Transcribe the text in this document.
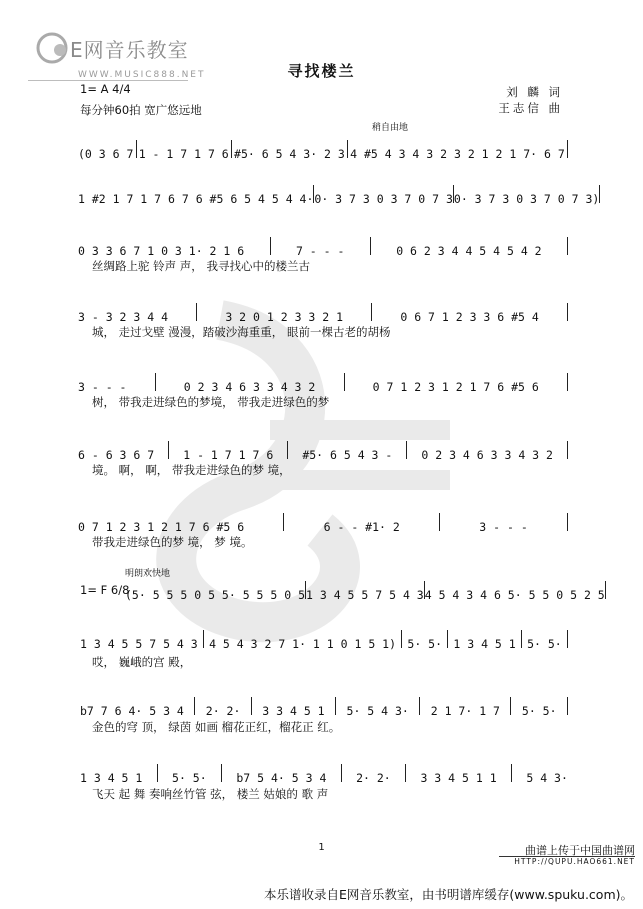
E网音乐教室
WWW.MUSIC888.NET	寻找楼兰
1= A 4/4
每分钟60拍 宽广悠远地
刘 麟 词
王志信 曲
稍自由地
(0 3 6 7 1 - 1 7 1 7 6 #5· 6 5 4 3· 2 3 4 #5 4 3 4 3 2 3 2 1 2 1 7· 6 7
1 #2 1 7 1 7 6 7 6 #5 6 5 4 5 4 4· 0· 3 7 3 0 3 7 0 7 3 0· 3 7 3 0 3 7 0 7 3)
0 3 3 6 7 1 0 3 1· 2 1 6	7 - - -	0 6 2 3 4 4 5 4 5 4 2
丝绸路上驼 铃声 声， 我寻找心中的楼兰古
3 - 3 2 3 4 4	3 2 0 1 2 3 3 2 1	0 6 7 1 2 3 3 6 #5 4
城， 走过戈壁 漫漫，踏破沙海重重， 眼前一棵古老的胡杨
3 - - -	0 2 3 4 6 3 3 4 3 2	0 7 1 2 3 1 2 1 7 6 #5 6
树， 带我走进绿色的梦境， 带我走进绿色的梦
6 - 6 3 6 7	1 - 1 7 1 7 6	#5· 6 5 4 3 -	0 2 3 4 6 3 3 4 3 2
境。 啊， 啊， 带我走进绿色的梦 境，
0 7 1 2 3 1 2 1 7 6 #5 6	6 - - #1· 2	3 - - -
带我走进绿色的梦 境， 梦 境。
明朗欢快地
1= F 6/8
(5· 5 5 5 0 5 5· 5 5 5 0 5 1 3 4 5 5 7 5 4 3 4 5 4 3 4 6 5· 5 5 0 5 2 5
1 3 4 5 5 7 5 4 3 4 5 4 3 2 7 1· 1 1 0 1 5 1) 5· 5· 1 3 4 5 1 5· 5·
哎， 巍峨的宫 殿，
b7 7 6 4· 5 3 4 2· 2· 3 3 4 5 1 5· 5 4 3· 2 1 7· 1 7 5· 5·
金色的穹 顶， 绿茵 如画 榴花正红，榴花正 红。
1 3 4 5 1	5· 5·	b7 5 4· 5 3 4	2· 2·	3 3 4 5 1 1	5 4 3·
飞天 起 舞 奏响丝竹管 弦， 楼兰 姑娘的 歌 声
1	曲谱上传于中国曲谱网
HTTP://QUPU.HAO661.NET
本乐谱收录自E网音乐教室，由书明谱库缓存(www.spuku.com)。
